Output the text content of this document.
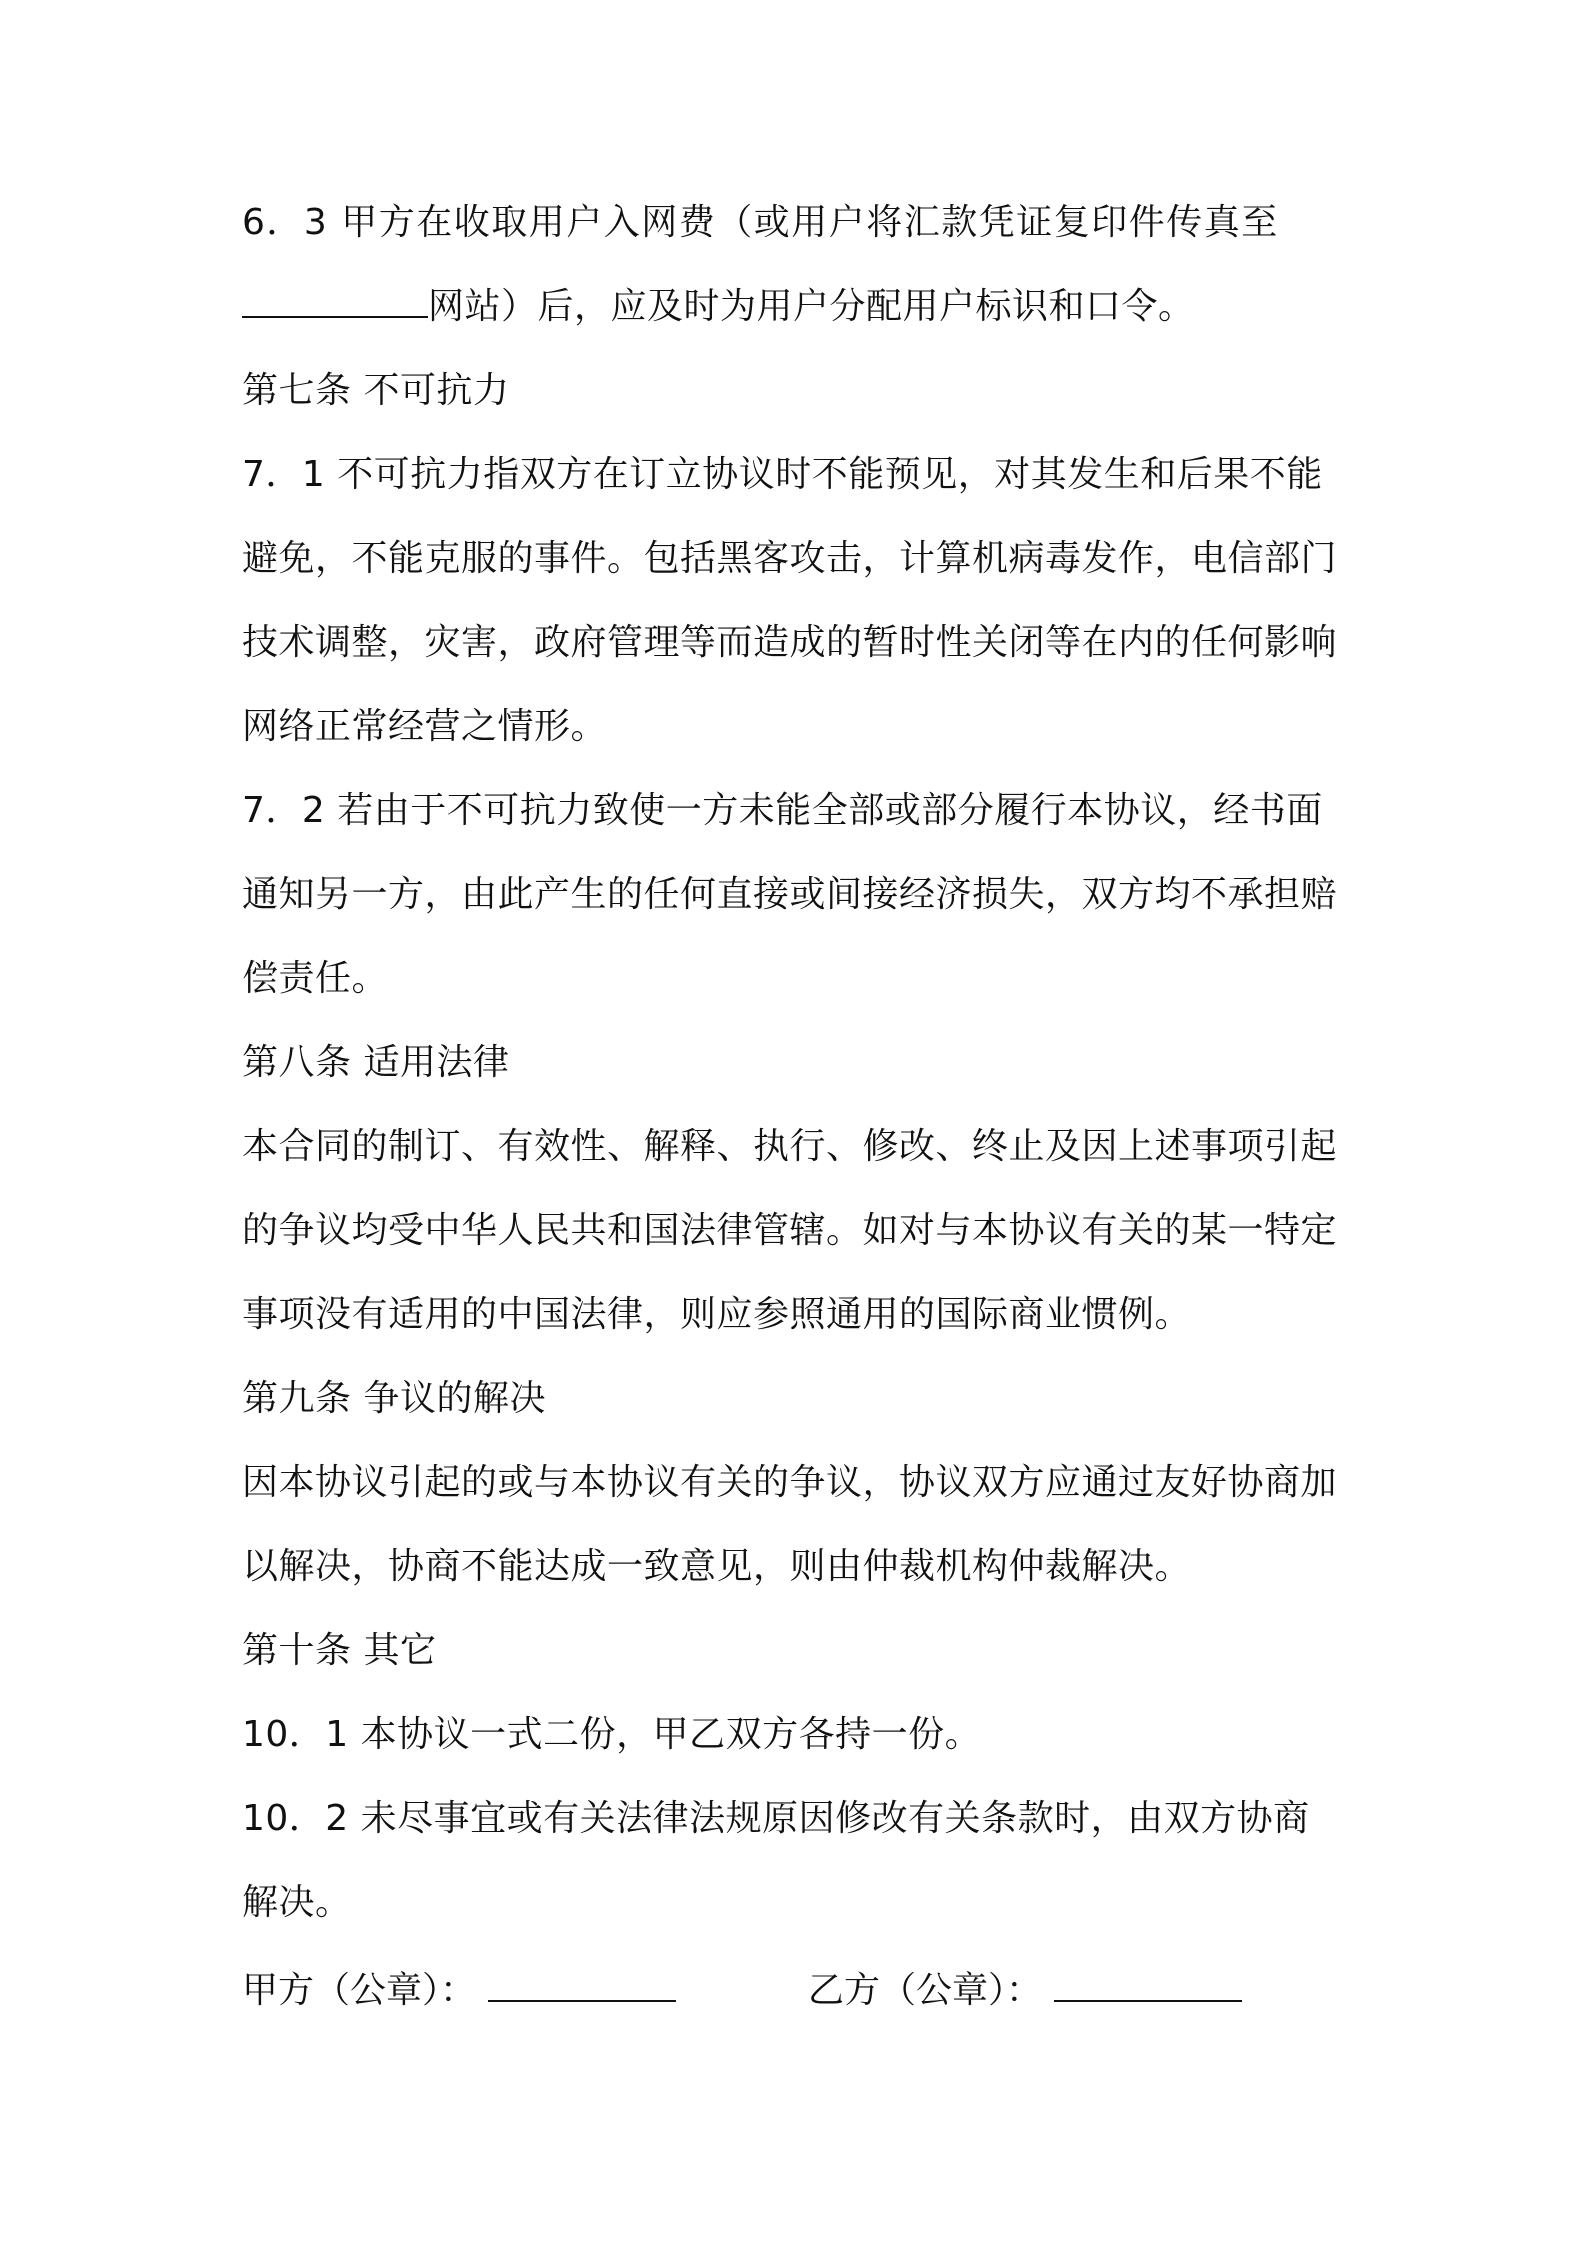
6．3 甲方在收取用户入网费（或用户将汇款凭证复印件传真至
网站）后，应及时为用户分配用户标识和口令。
第七条 不可抗力
7．1 不可抗力指双方在订立协议时不能预见，对其发生和后果不能
避免，不能克服的事件。包括黑客攻击，计算机病毒发作，电信部门
技术调整，灾害，政府管理等而造成的暂时性关闭等在内的任何影响
网络正常经营之情形。
7．2 若由于不可抗力致使一方未能全部或部分履行本协议，经书面
通知另一方，由此产生的任何直接或间接经济损失，双方均不承担赔
偿责任。
第八条 适用法律
本合同的制订、有效性、解释、执行、修改、终止及因上述事项引起
的争议均受中华人民共和国法律管辖。如对与本协议有关的某一特定
事项没有适用的中国法律，则应参照通用的国际商业惯例。
第九条 争议的解决
因本协议引起的或与本协议有关的争议，协议双方应通过友好协商加
以解决，协商不能达成一致意见，则由仲裁机构仲裁解决。
第十条 其它
10．1 本协议一式二份，甲乙双方各持一份。
10．2 未尽事宜或有关法律法规原因修改有关条款时，由双方协商
解决。
甲方（公章）：	乙方（公章）：
